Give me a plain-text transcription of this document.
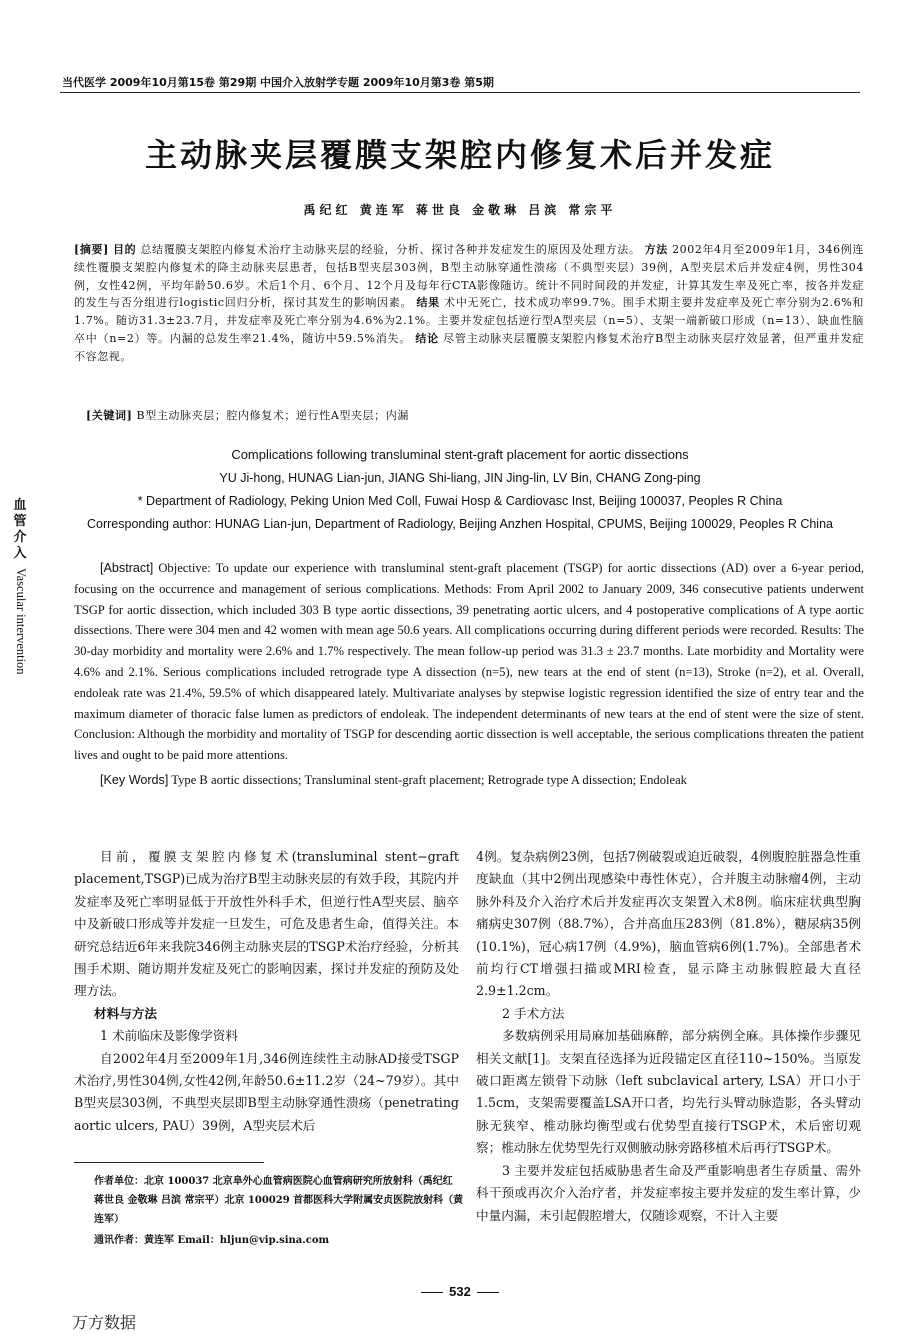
当代医学 2009年10月第15卷 第29期 中国介入放射学专题 2009年10月第3卷 第5期
主动脉夹层覆膜支架腔内修复术后并发症
禹纪红 黄连军 蒋世良 金敬琳 吕滨 常宗平
[摘要] 目的 总结覆膜支架腔内修复术治疗主动脉夹层的经验，分析、探讨各种并发症发生的原因及处理方法。 方法 2002年4月至2009年1月，346例连续性覆膜支架腔内修复术的降主动脉夹层患者，包括B型夹层303例，B型主动脉穿通性溃疡（不典型夹层）39例，A型夹层术后并发症4例，男性304例，女性42例，平均年龄50.6岁。术后1个月、6个月、12个月及每年行CTA影像随访。统计不同时间段的并发症，计算其发生率及死亡率，按各并发症的发生与否分组进行logistic回归分析，探讨其发生的影响因素。 结果 术中无死亡，技术成功率99.7%。围手术期主要并发症率及死亡率分别为2.6%和1.7%。随访31.3±23.7月，并发症率及死亡率分别为4.6%为2.1%。主要并发症包括逆行型A型夹层（n=5）、支架一端新破口形成（n=13）、缺血性脑卒中（n=2）等。内漏的总发生率21.4%，随访中59.5%消失。 结论 尽管主动脉夹层覆膜支架腔内修复术治疗B型主动脉夹层疗效显著，但严重并发症不容忽视。
[关键词] B型主动脉夹层；腔内修复术；逆行性A型夹层；内漏
Complications following transluminal stent-graft placement for aortic dissections
YU Ji-hong, HUNAG Lian-jun, JIANG Shi-liang, JIN Jing-lin, LV Bin, CHANG Zong-ping
* Department of Radiology, Peking Union Med Coll, Fuwai Hosp & Cardiovasc Inst, Beijing 100037, Peoples R China
Corresponding author: HUNAG Lian-jun, Department of Radiology, Beijing Anzhen Hospital, CPUMS, Beijing 100029, Peoples R China
[Abstract] Objective: To update our experience with transluminal stent-graft placement (TSGP) for aortic dissections (AD) over a 6-year period, focusing on the occurrence and management of serious complications. Methods: From April 2002 to January 2009, 346 consecutive patients underwent TSGP for aortic dissection, which included 303 B type aortic dissections, 39 penetrating aortic ulcers, and 4 postoperative complications of A type aortic dissections. There were 304 men and 42 women with mean age 50.6 years. All complications occurring during different periods were recorded. Results: The 30-day morbidity and mortality were 2.6% and 1.7% respectively. The mean follow-up period was 31.3 ± 23.7 months. Late morbidity and Mortality were 4.6% and 2.1%. Serious complications included retrograde type A dissection (n=5), new tears at the end of stent (n=13), Stroke (n=2), et al. Overall, endoleak rate was 21.4%, 59.5% of which disappeared lately. Multivariate analyses by stepwise logistic regression identified the size of entry tear and the maximum diameter of thoracic false lumen as predictors of endoleak. The independent determinants of new tears at the end of stent were the size of stent. Conclusion: Although the morbidity and mortality of TSGP for descending aortic dissection is well acceptable, the serious complications threaten the patient lives and ought to be paid more attentions.
[Key Words] Type B aortic dissections; Transluminal stent-graft placement; Retrograde type A dissection; Endoleak

目前，覆膜支架腔内修复术(transluminal stent−graft placement,TSGP)已成为治疗B型主动脉夹层的有效手段，其院内并发症率及死亡率明显低于开放性外科手术，但逆行性A型夹层、脑卒中及新破口形成等并发症一旦发生，可危及患者生命，值得关注。本研究总结近6年来我院346例主动脉夹层的TSGP术治疗经验，分析其围手术期、随访期并发症及死亡的影响因素，探讨并发症的预防及处理方法。

材料与方法

1 术前临床及影像学资料

自2002年4月至2009年1月,346例连续性主动脉AD接受TSGP术治疗,男性304例,女性42例,年龄50.6±11.2岁（24~79岁）。其中B型夹层303例，不典型夹层即B型主动脉穿通性溃疡（penetrating aortic ulcers, PAU）39例，A型夹层术后

4例。复杂病例23例，包括7例破裂或迫近破裂，4例腹腔脏器急性重度缺血（其中2例出现感染中毒性休克），合并腹主动脉瘤4例，主动脉外科及介入治疗术后并发症再次支架置入术8例。临床症状典型胸痛病史307例（88.7%），合并高血压283例（81.8%），糖尿病35例(10.1%)，冠心病17例（4.9%)，脑血管病6例(1.7%)。全部患者术前均行CT增强扫描或MRI检查，显示降主动脉假腔最大直径2.9±1.2cm。

2 手术方法

多数病例采用局麻加基础麻醉，部分病例全麻。具体操作步骤见相关文献[1]。支架直径选择为近段锚定区直径110~150%。当原发破口距离左锁骨下动脉（left subclavical artery, LSA）开口小于1.5cm，支架需要覆盖LSA开口者，均先行头臂动脉造影，各头臂动脉无狭窄、椎动脉均衡型或右优势型直接行TSGP术，术后密切观察；椎动脉左优势型先行双侧腋动脉旁路移植术后再行TSGP术。

3 主要并发症包括威胁患者生命及严重影响患者生存质量、需外科干预或再次介入治疗者，并发症率按主要并发症的发生率计算，少中量内漏，未引起假腔增大，仅随诊观察，不计入主要

作者单位：北京 100037 北京阜外心血管病医院心血管病研究所放射科（禹纪红 蒋世良 金敬琳 吕滨 常宗平）北京 100029 首都医科大学附属安贞医院放射科（黄连军）
通讯作者：黄连军 Email：hljun@vip.sina.com
血
管
介
入
Vascular intervention
532
万方数据
